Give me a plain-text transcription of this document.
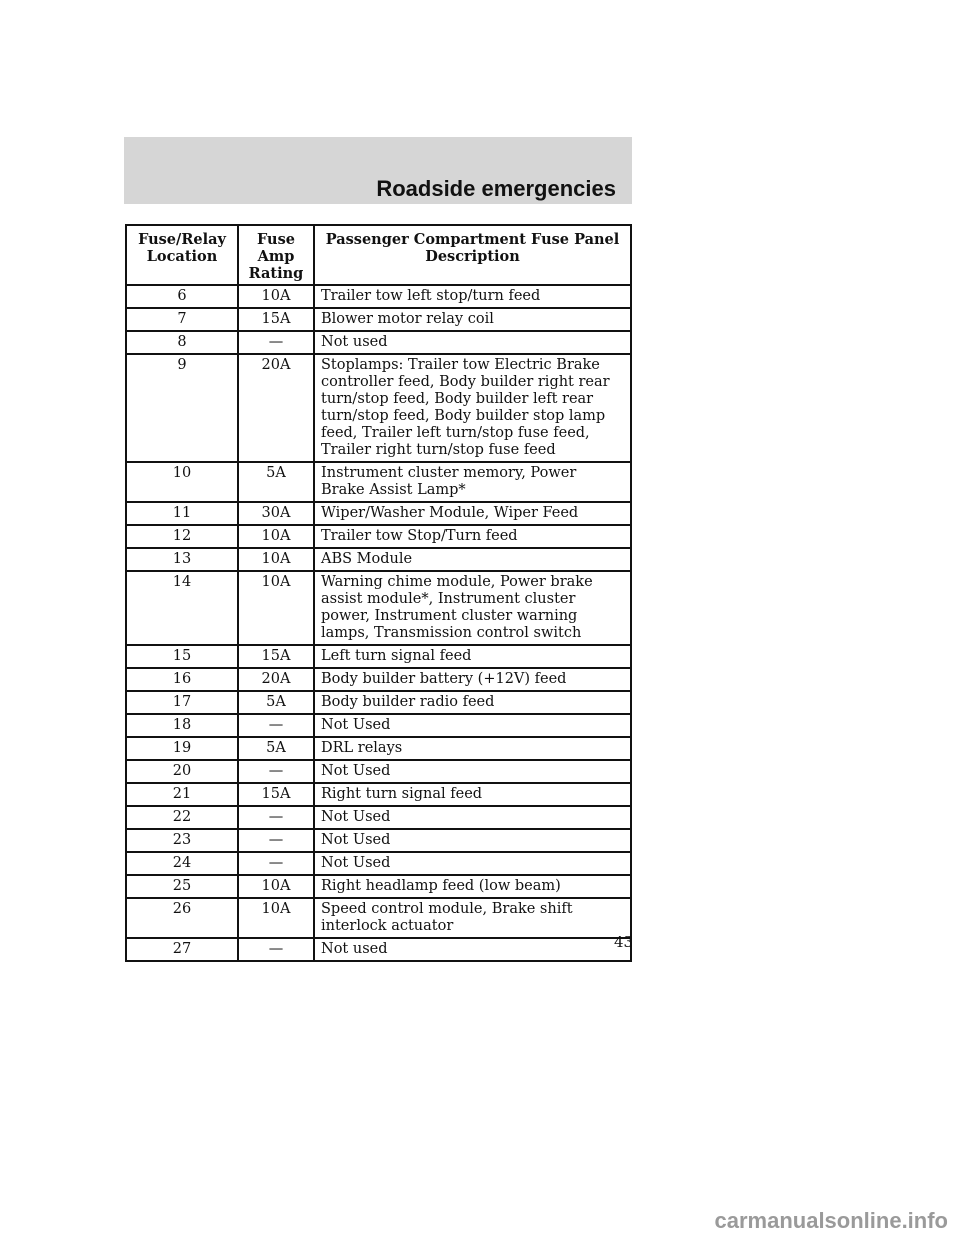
Roadside emergencies
Fuse/Relay Location	Fuse Amp Rating	Passenger Compartment Fuse Panel Description
6	10A	Trailer tow left stop/turn feed
7	15A	Blower motor relay coil
8	—	Not used
9	20A	Stoplamps: Trailer tow Electric Brake controller feed, Body builder right rear turn/stop feed, Body builder left rear turn/stop feed, Body builder stop lamp feed, Trailer left turn/stop fuse feed, Trailer right turn/stop fuse feed
10	5A	Instrument cluster memory, Power Brake Assist Lamp*
11	30A	Wiper/Washer Module, Wiper Feed
12	10A	Trailer tow Stop/Turn feed
13	10A	ABS Module
14	10A	Warning chime module, Power brake assist module*, Instrument cluster power, Instrument cluster warning lamps, Transmission control switch
15	15A	Left turn signal feed
16	20A	Body builder battery (+12V) feed
17	5A	Body builder radio feed
18	—	Not Used
19	5A	DRL relays
20	—	Not Used
21	15A	Right turn signal feed
22	—	Not Used
23	—	Not Used
24	—	Not Used
25	10A	Right headlamp feed (low beam)
26	10A	Speed control module, Brake shift interlock actuator
27	—	Not used	43
carmanualsonline.info
